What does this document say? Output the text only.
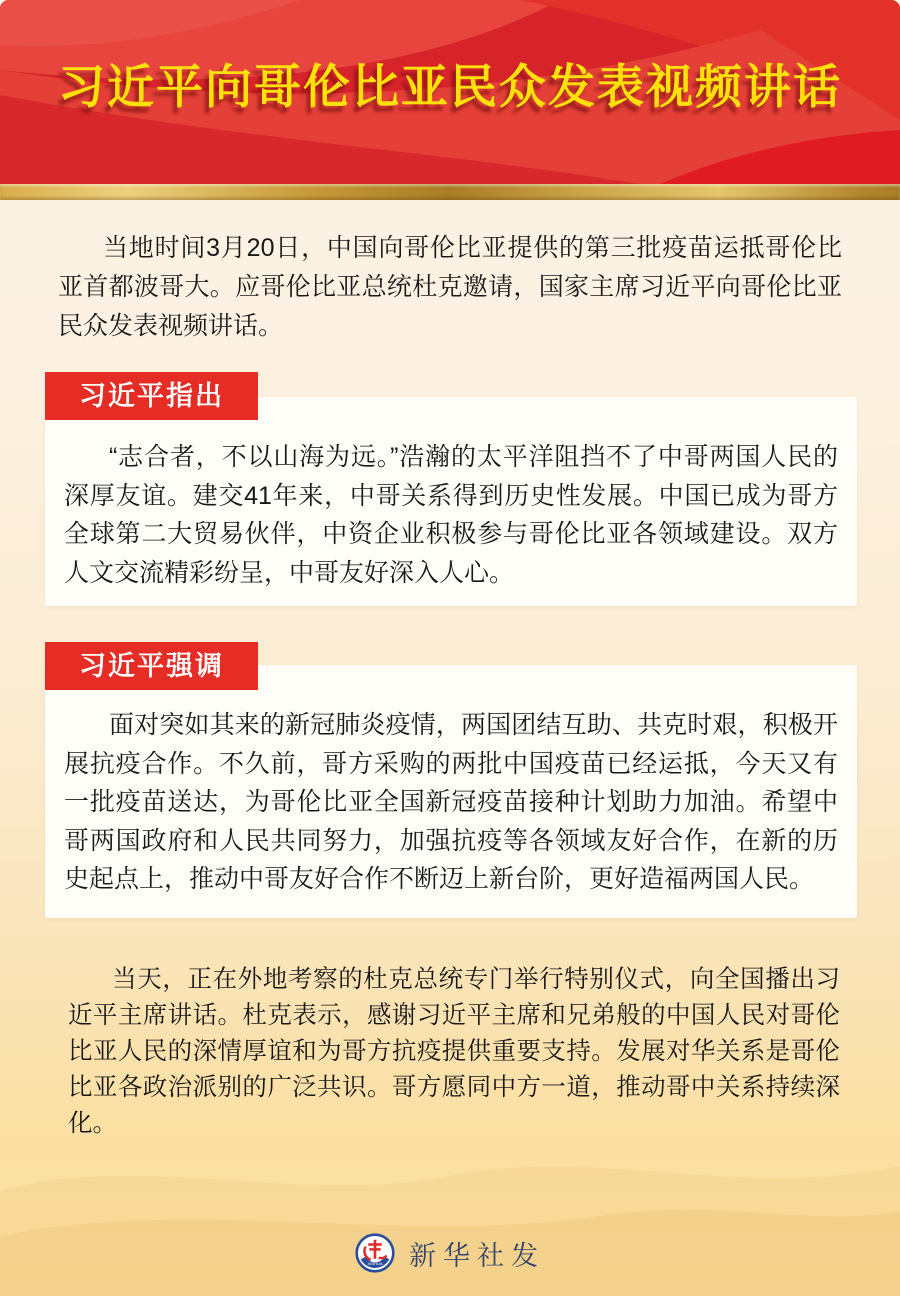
习近平向哥伦比亚民众发表视频讲话

当地时间3月20日，中国向哥伦比亚提供的第三批疫苗运抵哥伦比亚首都波哥大。应哥伦比亚总统杜克邀请，国家主席习近平向哥伦比亚民众发表视频讲话。

习近平指出

“志合者，不以山海为远。”浩瀚的太平洋阻挡不了中哥两国人民的深厚友谊。建交41年来，中哥关系得到历史性发展。中国已成为哥方全球第二大贸易伙伴，中资企业积极参与哥伦比亚各领域建设。双方人文交流精彩纷呈，中哥友好深入人心。

习近平强调

面对突如其来的新冠肺炎疫情，两国团结互助、共克时艰，积极开展抗疫合作。不久前，哥方采购的两批中国疫苗已经运抵，今天又有一批疫苗送达，为哥伦比亚全国新冠疫苗接种计划助力加油。希望中哥两国政府和人民共同努力，加强抗疫等各领域友好合作，在新的历史起点上，推动中哥友好合作不断迈上新台阶，更好造福两国人民。

当天，正在外地考察的杜克总统专门举行特别仪式，向全国播出习近平主席讲话。杜克表示，感谢习近平主席和兄弟般的中国人民对哥伦比亚人民的深情厚谊和为哥方抗疫提供重要支持。发展对华关系是哥伦比亚各政治派别的广泛共识。哥方愿同中方一道，推动哥中关系持续深化。

XINHUA 新华社发
